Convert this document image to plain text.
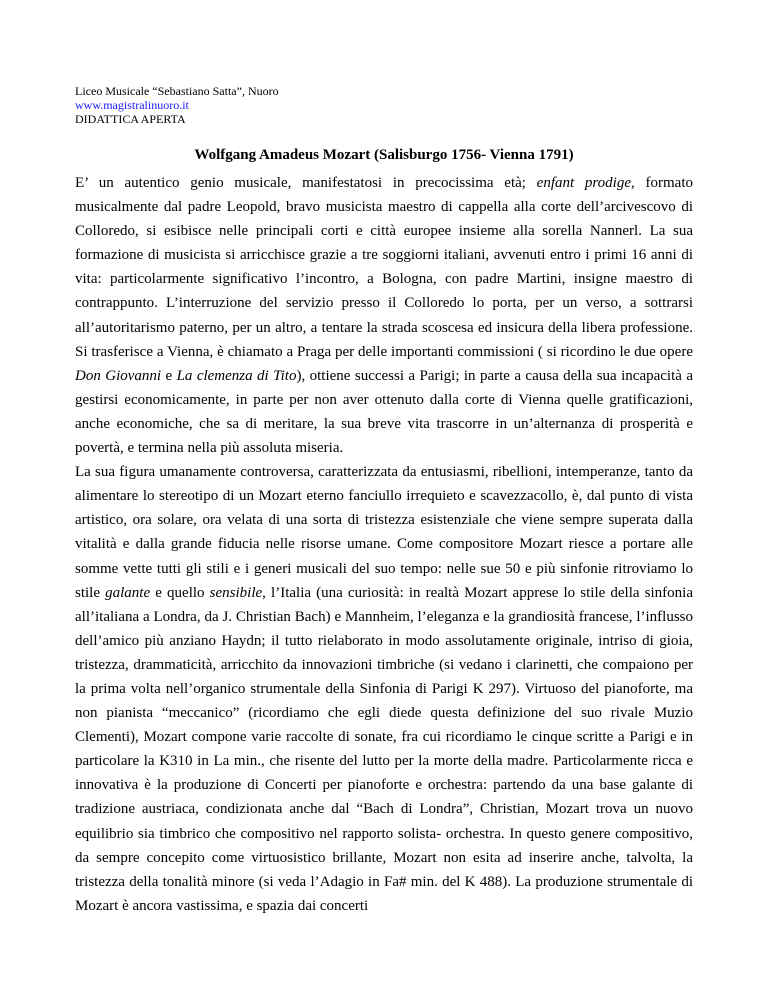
Liceo Musicale “Sebastiano Satta”, Nuoro
www.magistralinuoro.it
DIDATTICA APERTA
Wolfgang Amadeus Mozart (Salisburgo 1756- Vienna 1791)

E’ un autentico genio musicale, manifestatosi in precocissima età; enfant prodige, formato musicalmente dal padre Leopold, bravo musicista maestro di cappella alla corte dell’arcivescovo di Colloredo, si esibisce nelle principali corti e città europee insieme alla sorella Nannerl. La sua formazione di musicista si arricchisce grazie a tre soggiorni italiani, avvenuti entro i primi 16 anni di vita: particolarmente significativo l’incontro, a Bologna, con padre Martini, insigne maestro di contrappunto. L’interruzione del servizio presso il Colloredo lo porta, per un verso, a sottrarsi all’autoritarismo paterno, per un altro, a tentare la strada scoscesa ed insicura della libera professione. Si trasferisce a Vienna, è chiamato a Praga per delle importanti commissioni ( si ricordino le due opere Don Giovanni e La clemenza di Tito), ottiene successi a Parigi; in parte a causa della sua incapacità a gestirsi economicamente, in parte per non aver ottenuto dalla corte di Vienna quelle gratificazioni, anche economiche, che sa di meritare, la sua breve vita trascorre in un’alternanza di prosperità e povertà, e termina nella più assoluta miseria.

La sua figura umanamente controversa, caratterizzata da entusiasmi, ribellioni, intemperanze, tanto da alimentare lo stereotipo di un Mozart eterno fanciullo irrequieto e scavezzacollo, è, dal punto di vista artistico, ora solare, ora velata di una sorta di tristezza esistenziale che viene sempre superata dalla vitalità e dalla grande fiducia nelle risorse umane. Come compositore Mozart riesce a portare alle somme vette tutti gli stili e i generi musicali del suo tempo: nelle sue 50 e più sinfonie ritroviamo lo stile galante e quello sensibile, l’Italia (una curiosità: in realtà Mozart apprese lo stile della sinfonia all’italiana a Londra, da J. Christian Bach) e Mannheim, l’eleganza e la grandiosità francese, l’influsso dell’amico più anziano Haydn; il tutto rielaborato in modo assolutamente originale, intriso di gioia, tristezza, drammaticità, arricchito da innovazioni timbriche (si vedano i clarinetti, che compaiono per la prima volta nell’organico strumentale della Sinfonia di Parigi K 297). Virtuoso del pianoforte, ma non pianista “meccanico” (ricordiamo che egli diede questa definizione del suo rivale Muzio Clementi), Mozart compone varie raccolte di sonate, fra cui ricordiamo le cinque scritte a Parigi e in particolare la K310 in La min., che risente del lutto per la morte della madre. Particolarmente ricca e innovativa è la produzione di Concerti per pianoforte e orchestra: partendo da una base galante di tradizione austriaca, condizionata anche dal “Bach di Londra”, Christian, Mozart trova un nuovo equilibrio sia timbrico che compositivo nel rapporto solista- orchestra. In questo genere compositivo, da sempre concepito come virtuosistico brillante, Mozart non esita ad inserire anche, talvolta, la tristezza della tonalità minore (si veda l’Adagio in Fa# min. del K 488). La produzione strumentale di Mozart è ancora vastissima, e spazia dai concerti
